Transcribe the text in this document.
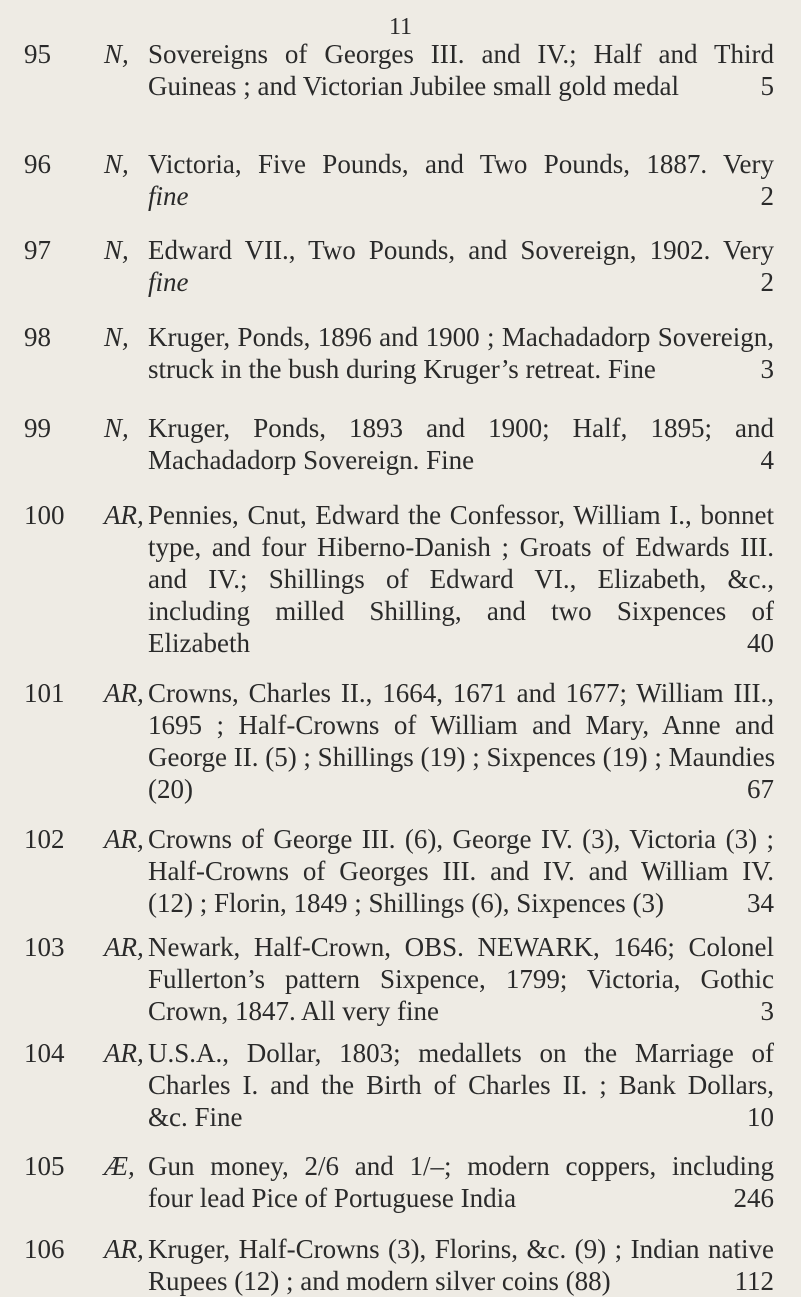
11
95	N, Sovereigns of Georges III. and IV.; Half and Third
Guineas ; and Victorian Jubilee small gold medal	5
96	N, Victoria, Five Pounds, and Two Pounds, 1887. Very
fine	2
97	N, Edward VII., Two Pounds, and Sovereign, 1902. Very
fine	2
98	N, Kruger, Ponds, 1896 and 1900 ; Machadadorp Sovereign,
struck in the bush during Kruger’s retreat. Fine	3
99	N, Kruger, Ponds, 1893 and 1900; Half, 1895; and
Machadadorp Sovereign. Fine	4
100	AR, Pennies, Cnut, Edward the Confessor, William I., bonnet
type, and four Hiberno-Danish ; Groats of Edwards III.
and IV.; Shillings of Edward VI., Elizabeth, &c.,
including milled Shilling, and two Sixpences of
Elizabeth	40
101	AR, Crowns, Charles II., 1664, 1671 and 1677; William III.,
1695 ; Half-Crowns of William and Mary, Anne and
George II. (5) ; Shillings (19) ; Sixpences (19) ; Maundies
(20)	67
102	AR, Crowns of George III. (6), George IV. (3), Victoria (3) ;
Half-Crowns of Georges III. and IV. and William IV.
(12) ; Florin, 1849 ; Shillings (6), Sixpences (3)	34
103	AR, Newark, Half-Crown, OBS. NEWARK, 1646; Colonel
Fullerton’s pattern Sixpence, 1799; Victoria, Gothic
Crown, 1847. All very fine	3
104	AR, U.S.A., Dollar, 1803; medallets on the Marriage of
Charles I. and the Birth of Charles II. ; Bank Dollars,
&c. Fine	10
105	Æ, Gun money, 2/6 and 1/–; modern coppers, including
four lead Pice of Portuguese India	246
106	AR, Kruger, Half-Crowns (3), Florins, &c. (9) ; Indian native
Rupees (12) ; and modern silver coins (88)	112
